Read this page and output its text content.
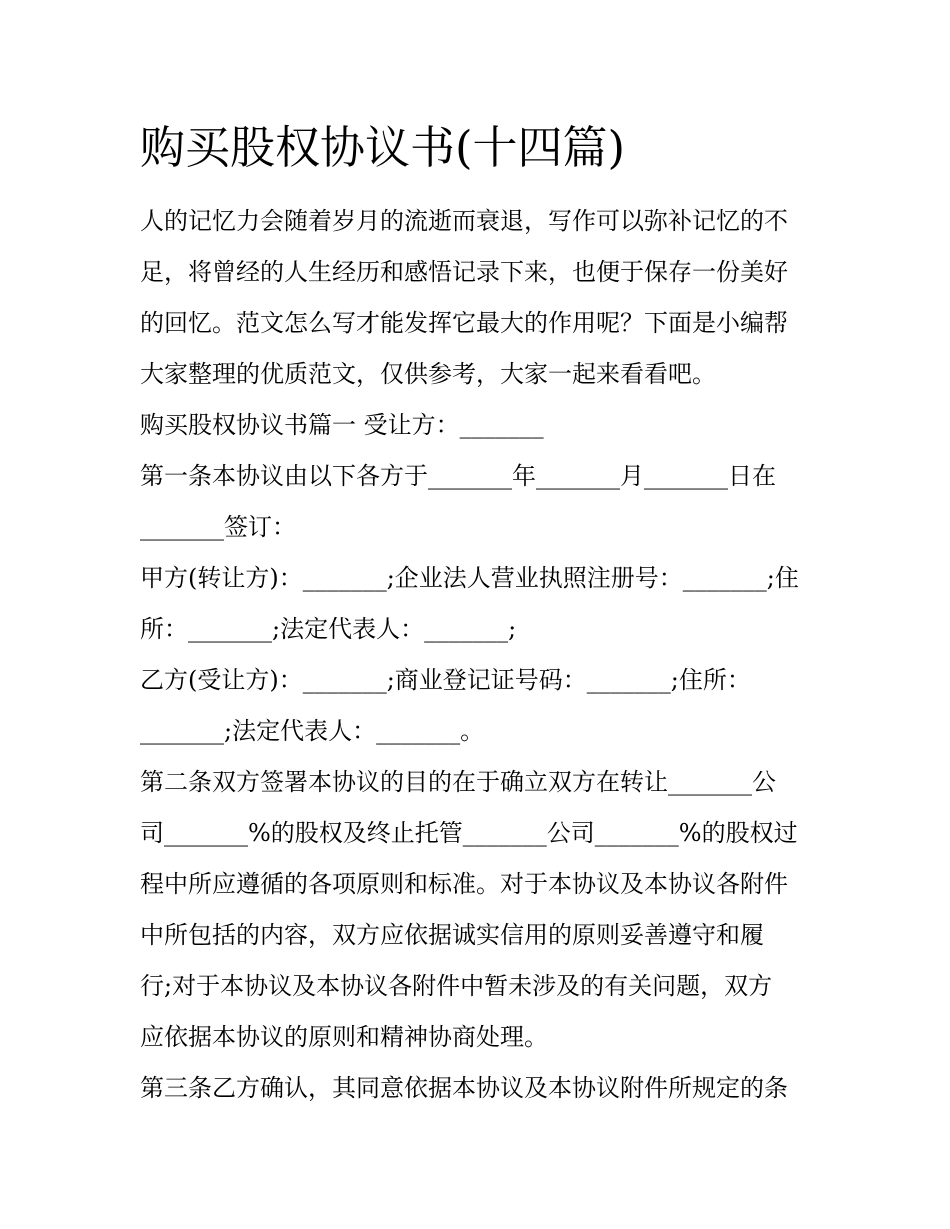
购买股权协议书(十四篇)
人的记忆力会随着岁月的流逝而衰退，写作可以弥补记忆的不
足，将曾经的人生经历和感悟记录下来，也便于保存一份美好
的回忆。范文怎么写才能发挥它最大的作用呢？下面是小编帮
大家整理的优质范文，仅供参考，大家一起来看看吧。
购买股权协议书篇一 受让方：_______
第一条本协议由以下各方于_______年_______月_______日在
_______签订：
甲方(转让方)：_______;企业法人营业执照注册号：_______;住
所：_______;法定代表人：_______;
乙方(受让方)：_______;商业登记证号码：_______;住所：
_______;法定代表人：_______。
第二条双方签署本协议的目的在于确立双方在转让_______公
司_______%的股权及终止托管_______公司_______%的股权过
程中所应遵循的各项原则和标准。对于本协议及本协议各附件
中所包括的内容，双方应依据诚实信用的原则妥善遵守和履
行;对于本协议及本协议各附件中暂未涉及的有关问题，双方
应依据本协议的原则和精神协商处理。
第三条乙方确认，其同意依据本协议及本协议附件所规定的条
